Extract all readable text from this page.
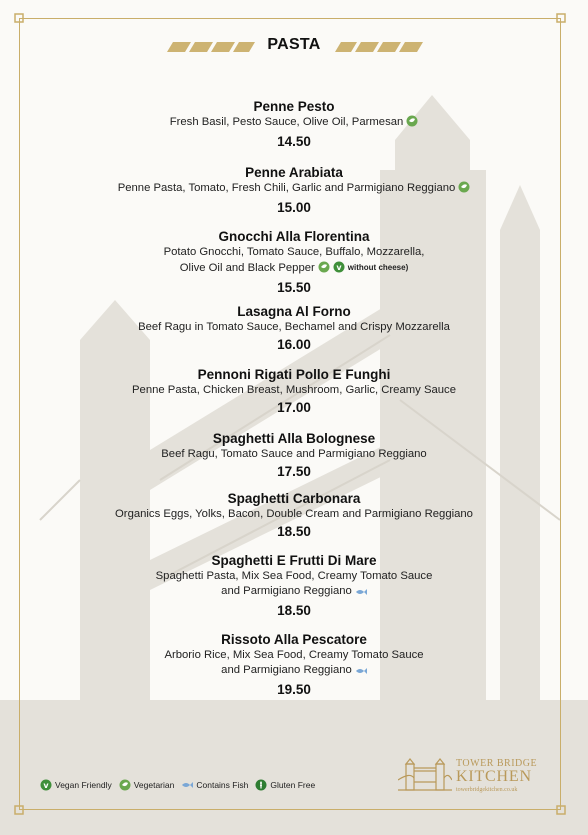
PASTA
Penne Pesto
Fresh Basil, Pesto Sauce, Olive Oil, Parmesan
14.50
Penne Arabiata
Penne Pasta, Tomato, Fresh Chili, Garlic and Parmigiano Reggiano
15.00
Gnocchi Alla Florentina
Potato Gnocchi, Tomato Sauce, Buffalo, Mozzarella,
Olive Oil and Black Pepper	v without cheese)
15.50
Lasagna Al Forno
Beef Ragu in Tomato Sauce, Bechamel and Crispy Mozzarella
16.00
Pennoni Rigati Pollo E Funghi
Penne Pasta, Chicken Breast, Mushroom, Garlic, Creamy Sauce
17.00
Spaghetti Alla Bolognese
Beef Ragu, Tomato Sauce and Parmigiano Reggiano
17.50
Spaghetti Carbonara
Organics Eggs, Yolks, Bacon, Double Cream and Parmigiano Reggiano
18.50
Spaghetti E Frutti Di Mare
Spaghetti Pasta, Mix Sea Food, Creamy Tomato Sauce
and Parmigiano Reggiano
18.50
Rissoto Alla Pescatore
Arborio Rice, Mix Sea Food, Creamy Tomato Sauce
and Parmigiano Reggiano
19.50
v Vegan Friendly	Vegetarian	Contains Fish	Gluten Free
TOWER BRIDGE
KITCHEN
towerbridgekitchen.co.uk
